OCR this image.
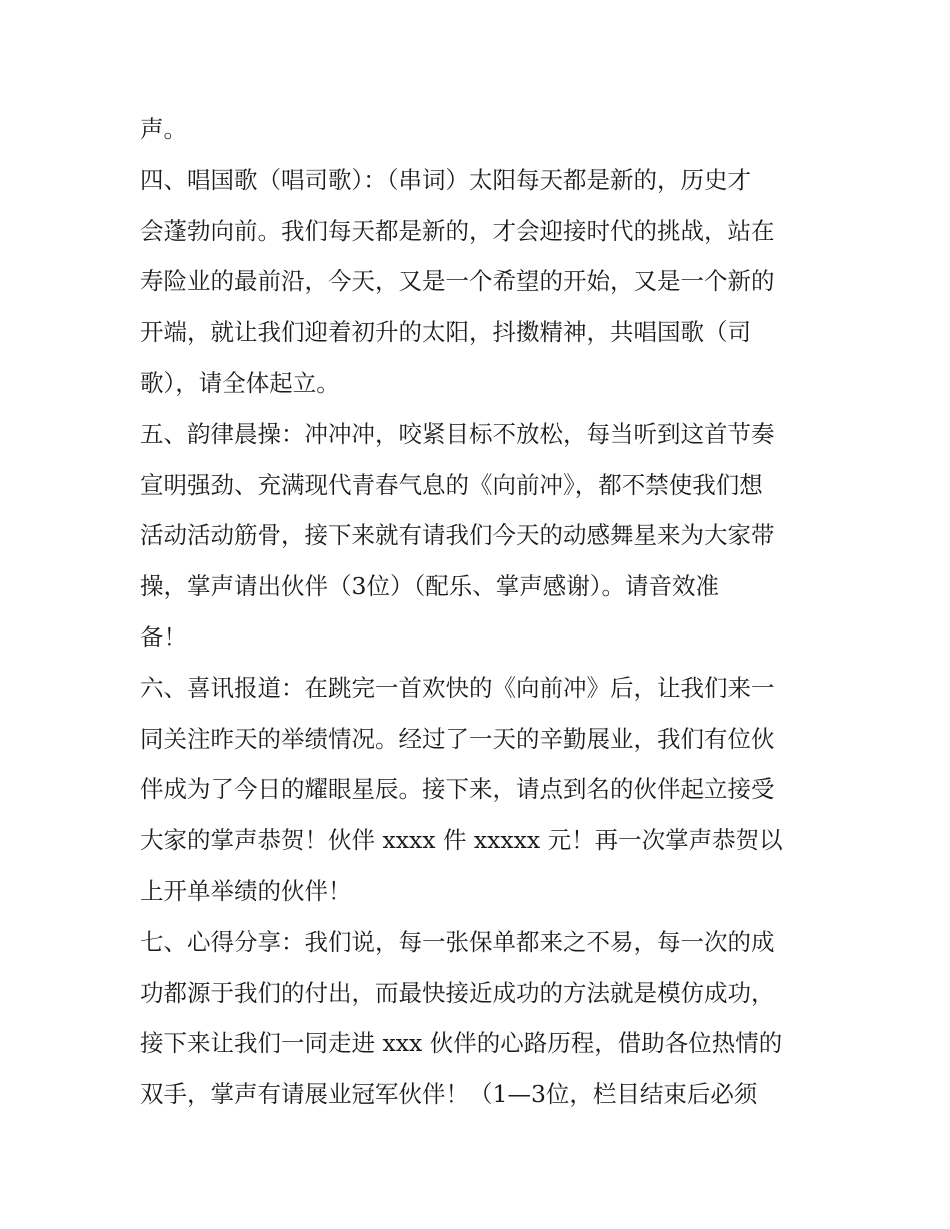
声。
四、唱国歌（唱司歌）：（串词）太阳每天都是新的，历史才
会蓬勃向前。我们每天都是新的，才会迎接时代的挑战，站在
寿险业的最前沿，今天，又是一个希望的开始，又是一个新的
开端，就让我们迎着初升的太阳，抖擞精神，共唱国歌（司
歌），请全体起立。
五、韵律晨操：冲冲冲，咬紧目标不放松，每当听到这首节奏
宣明强劲、充满现代青春气息的《向前冲》，都不禁使我们想
活动活动筋骨，接下来就有请我们今天的动感舞星来为大家带
操，掌声请出伙伴（3位）（配乐、掌声感谢）。请音效准
备！
六、喜讯报道：在跳完一首欢快的《向前冲》后，让我们来一
同关注昨天的举绩情况。经过了一天的辛勤展业，我们有位伙
伴成为了今日的耀眼星辰。接下来，请点到名的伙伴起立接受
大家的掌声恭贺！伙伴 xxxx 件 xxxxx 元！再一次掌声恭贺以
上开单举绩的伙伴！
七、心得分享：我们说，每一张保单都来之不易，每一次的成
功都源于我们的付出，而最快接近成功的方法就是模仿成功，
接下来让我们一同走进 xxx 伙伴的心路历程，借助各位热情的
双手，掌声有请展业冠军伙伴！（1—3位，栏目结束后必须
